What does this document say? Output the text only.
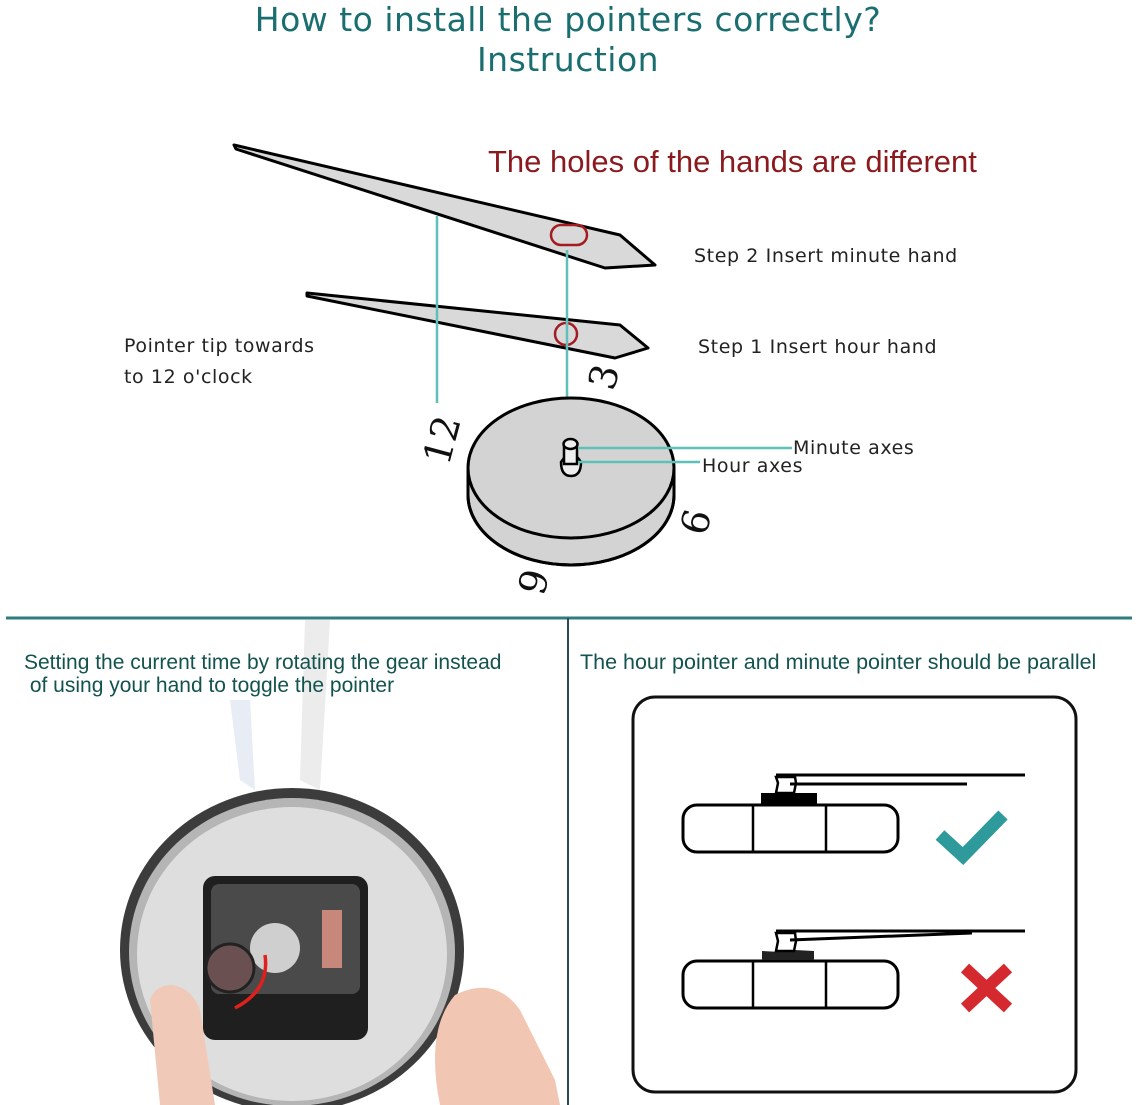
How to install the pointers correctly?
Instruction
The holes of the hands are different
Step 2 Insert minute hand
Step 1 Insert hour hand
Pointer tip towards
to 12 o'clock
Minute axes
Hour axes
12
3
6
9
Setting the current time by rotating the gear instead
of using your hand to toggle the pointer
The hour pointer and minute pointer should be parallel
